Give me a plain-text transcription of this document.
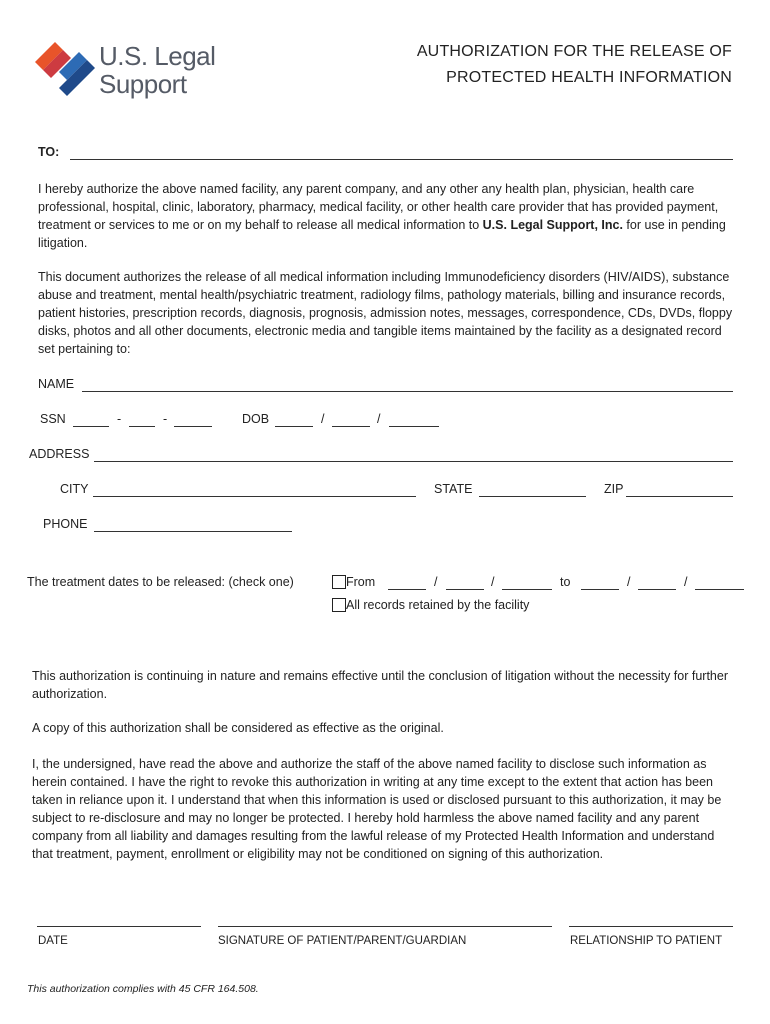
U.S. Legal
Support
AUTHORIZATION FOR THE RELEASE OF
PROTECTED HEALTH INFORMATION
TO:
I hereby authorize the above named facility, any parent company, and any other any health plan, physician, health care professional, hospital, clinic, laboratory, pharmacy, medical facility, or other health care provider that has provided payment, treatment or services to me or on my behalf to release all medical information to U.S. Legal Support, Inc. for use in pending litigation.
This document authorizes the release of all medical information including Immunodeficiency disorders (HIV/AIDS), substance abuse and treatment, mental health/psychiatric treatment, radiology films, pathology materials, billing and insurance records, patient histories, prescription records, diagnosis, prognosis, admission notes, messages, correspondence, CDs, DVDs, floppy disks, photos and all other documents, electronic media and tangible items maintained by the facility as a designated record set pertaining to:
NAME
SSN	-	-	DOB	/	/
ADDRESS
CITY	STATE	ZIP
PHONE
The treatment dates to be released: (check one)	From	/	/	to	/	/
All records retained by the facility
This authorization is continuing in nature and remains effective until the conclusion of litigation without the necessity for further authorization.
A copy of this authorization shall be considered as effective as the original.
I, the undersigned, have read the above and authorize the staff of the above named facility to disclose such information as herein contained. I have the right to revoke this authorization in writing at any time except to the extent that action has been taken in reliance upon it. I understand that when this information is used or disclosed pursuant to this authorization, it may be subject to re-disclosure and may no longer be protected. I hereby hold harmless the above named facility and any parent company from all liability and damages resulting from the lawful release of my Protected Health Information and understand that treatment, payment, enrollment or eligibility may not be conditioned on signing of this authorization.
DATE	SIGNATURE OF PATIENT/PARENT/GUARDIAN	RELATIONSHIP TO PATIENT
This authorization complies with 45 CFR 164.508.
